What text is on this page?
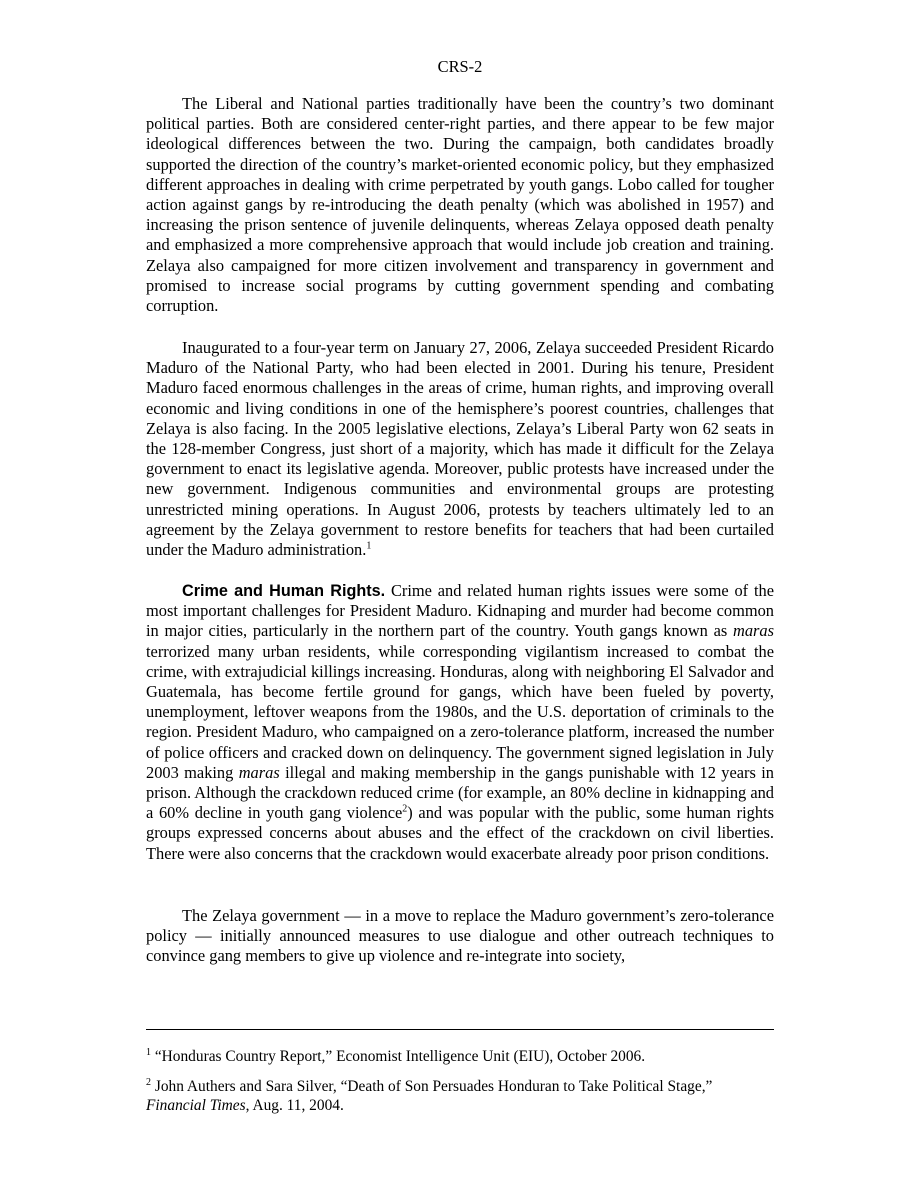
CRS-2

The Liberal and National parties traditionally have been the country’s two dominant political parties. Both are considered center-right parties, and there appear to be few major ideological differences between the two. During the campaign, both candidates broadly supported the direction of the country’s market-oriented economic policy, but they emphasized different approaches in dealing with crime perpetrated by youth gangs. Lobo called for tougher action against gangs by re-introducing the death penalty (which was abolished in 1957) and increasing the prison sentence of juvenile delinquents, whereas Zelaya opposed death penalty and emphasized a more comprehensive approach that would include job creation and training. Zelaya also campaigned for more citizen involvement and transparency in government and promised to increase social programs by cutting government spending and combating corruption.

Inaugurated to a four-year term on January 27, 2006, Zelaya succeeded President Ricardo Maduro of the National Party, who had been elected in 2001. During his tenure, President Maduro faced enormous challenges in the areas of crime, human rights, and improving overall economic and living conditions in one of the hemisphere’s poorest countries, challenges that Zelaya is also facing. In the 2005 legislative elections, Zelaya’s Liberal Party won 62 seats in the 128-member Congress, just short of a majority, which has made it difficult for the Zelaya government to enact its legislative agenda. Moreover, public protests have increased under the new government. Indigenous communities and environmental groups are protesting unrestricted mining operations. In August 2006, protests by teachers ultimately led to an agreement by the Zelaya government to restore benefits for teachers that had been curtailed under the Maduro administration.$^1$

Crime and Human Rights. Crime and related human rights issues were some of the most important challenges for President Maduro. Kidnaping and murder had become common in major cities, particularly in the northern part of the country. Youth gangs known as maras terrorized many urban residents, while corresponding vigilantism increased to combat the crime, with extrajudicial killings increasing. Honduras, along with neighboring El Salvador and Guatemala, has become fertile ground for gangs, which have been fueled by poverty, unemployment, leftover weapons from the 1980s, and the U.S. deportation of criminals to the region. President Maduro, who campaigned on a zero-tolerance platform, increased the number of police officers and cracked down on delinquency. The government signed legislation in July 2003 making maras illegal and making membership in the gangs punishable with 12 years in prison. Although the crackdown reduced crime (for example, an 80% decline in kidnapping and a 60% decline in youth gang violence$^2$) and was popular with the public, some human rights groups expressed concerns about abuses and the effect of the crackdown on civil liberties. There were also concerns that the crackdown would exacerbate already poor prison conditions.

The Zelaya government — in a move to replace the Maduro government’s zero-tolerance policy — initially announced measures to use dialogue and other outreach techniques to convince gang members to give up violence and re-integrate into society,

$^1$ “Honduras Country Report,” Economist Intelligence Unit (EIU), October 2006.

$^2$ John Authers and Sara Silver, “Death of Son Persuades Honduran to Take Political Stage,” Financial Times, Aug. 11, 2004.
